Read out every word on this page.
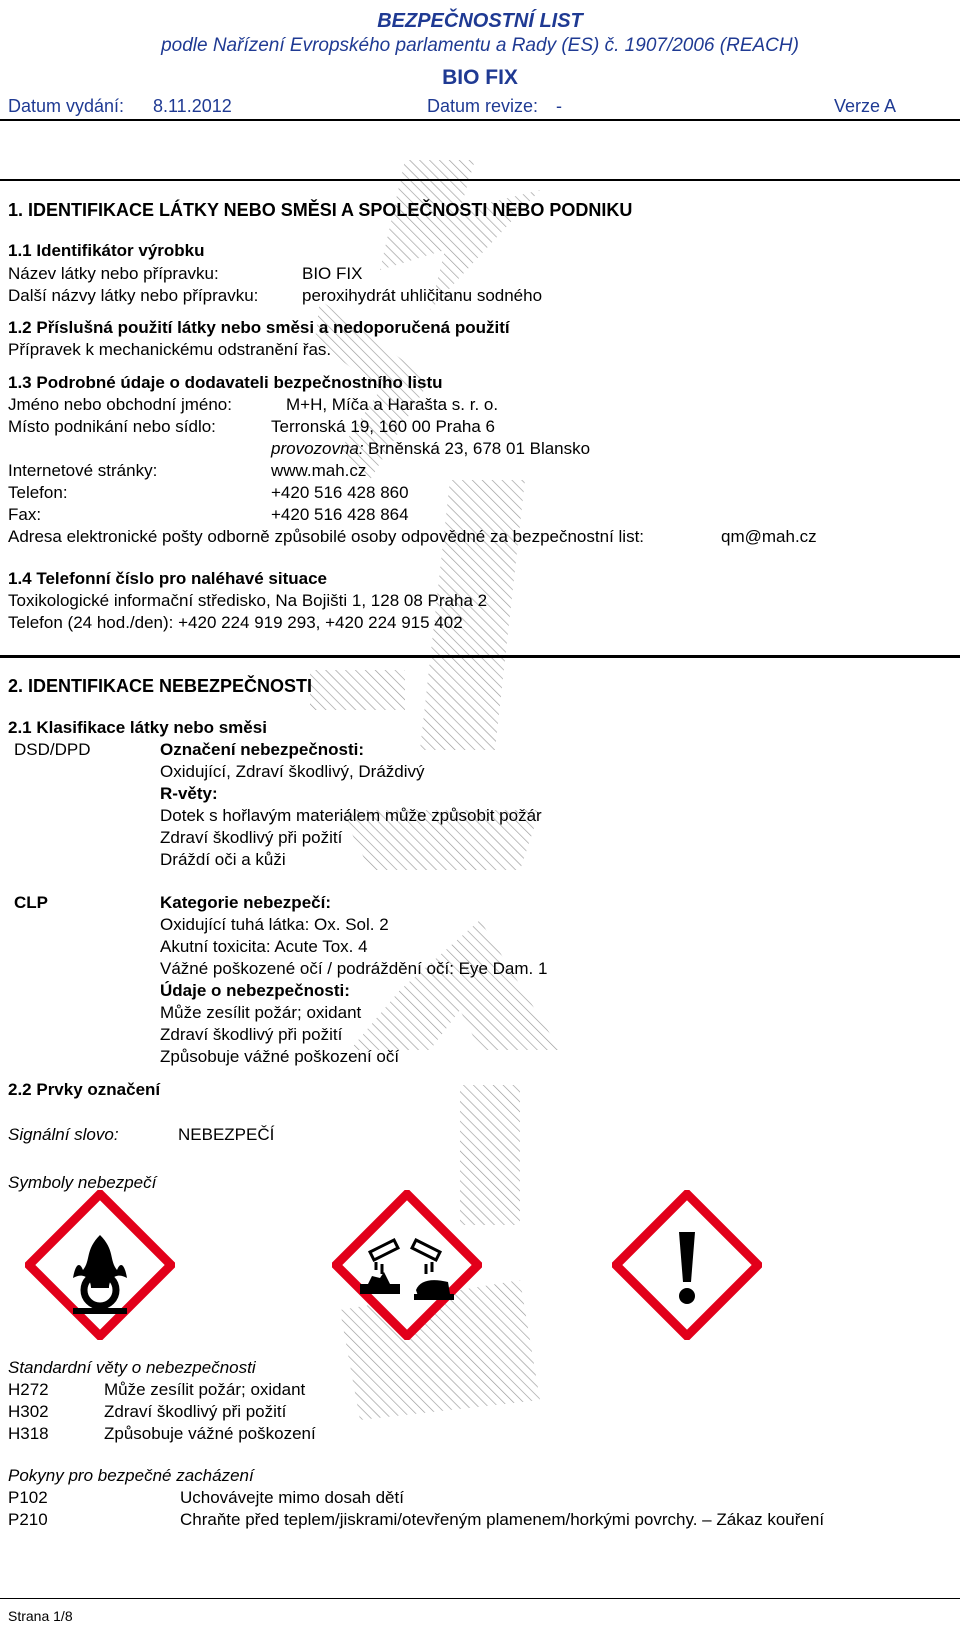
BEZPEČNOSTNÍ LIST
podle Nařízení Evropského parlamentu a Rady (ES) č. 1907/2006 (REACH)
BIO FIX
Datum vydání: 8.11.2012	Datum revize: -	Verze A
1. IDENTIFIKACE LÁTKY NEBO SMĚSI A SPOLEČNOSTI NEBO PODNIKU
1.1 Identifikátor výrobku
Název látky nebo přípravku:	BIO FIX
Další názvy látky nebo přípravku:	peroxihydrát uhličitanu sodného
1.2 Příslušná použití látky nebo směsi a nedoporučená použití
Přípravek k mechanickému odstranění řas.
1.3 Podrobné údaje o dodavateli bezpečnostního listu
Jméno nebo obchodní jméno:	M+H, Míča a Harašta s. r. o.
Místo podnikání nebo sídlo:	Terronská 19, 160 00 Praha 6
provozovna: Brněnská 23, 678 01 Blansko
Internetové stránky:	www.mah.cz
Telefon:	+420 516 428 860
Fax:	+420 516 428 864
Adresa elektronické pošty odborně způsobilé osoby odpovědné za bezpečnostní list:	qm@mah.cz
1.4 Telefonní číslo pro naléhavé situace
Toxikologické informační středisko, Na Bojišti 1, 128 08 Praha 2
Telefon (24 hod./den): +420 224 919 293, +420 224 915 402
2. IDENTIFIKACE NEBEZPEČNOSTI
2.1 Klasifikace látky nebo směsi
DSD/DPD	Označení nebezpečnosti:
Oxidující, Zdraví škodlivý, Dráždivý
R-věty:
Dotek s hořlavým materiálem může způsobit požár
Zdraví škodlivý při požití
Dráždí oči a kůži
CLP	Kategorie nebezpečí:
Oxidující tuhá látka: Ox. Sol. 2
Akutní toxicita: Acute Tox. 4
Vážné poškozené očí / podráždění očí: Eye Dam. 1
Údaje o nebezpečnosti:
Může zesílit požár; oxidant
Zdraví škodlivý při požití
Způsobuje vážné poškození očí
2.2 Prvky označení
Signální slovo:	NEBEZPEČÍ
Symboly nebezpečí
Standardní věty o nebezpečnosti
H272	Může zesílit požár; oxidant
H302	Zdraví škodlivý při požití
H318	Způsobuje vážné poškození
Pokyny pro bezpečné zacházení
P102	Uchovávejte mimo dosah dětí
P210	Chraňte před teplem/jiskrami/otevřeným plamenem/horkými povrchy. – Zákaz kouření
Strana 1/8
